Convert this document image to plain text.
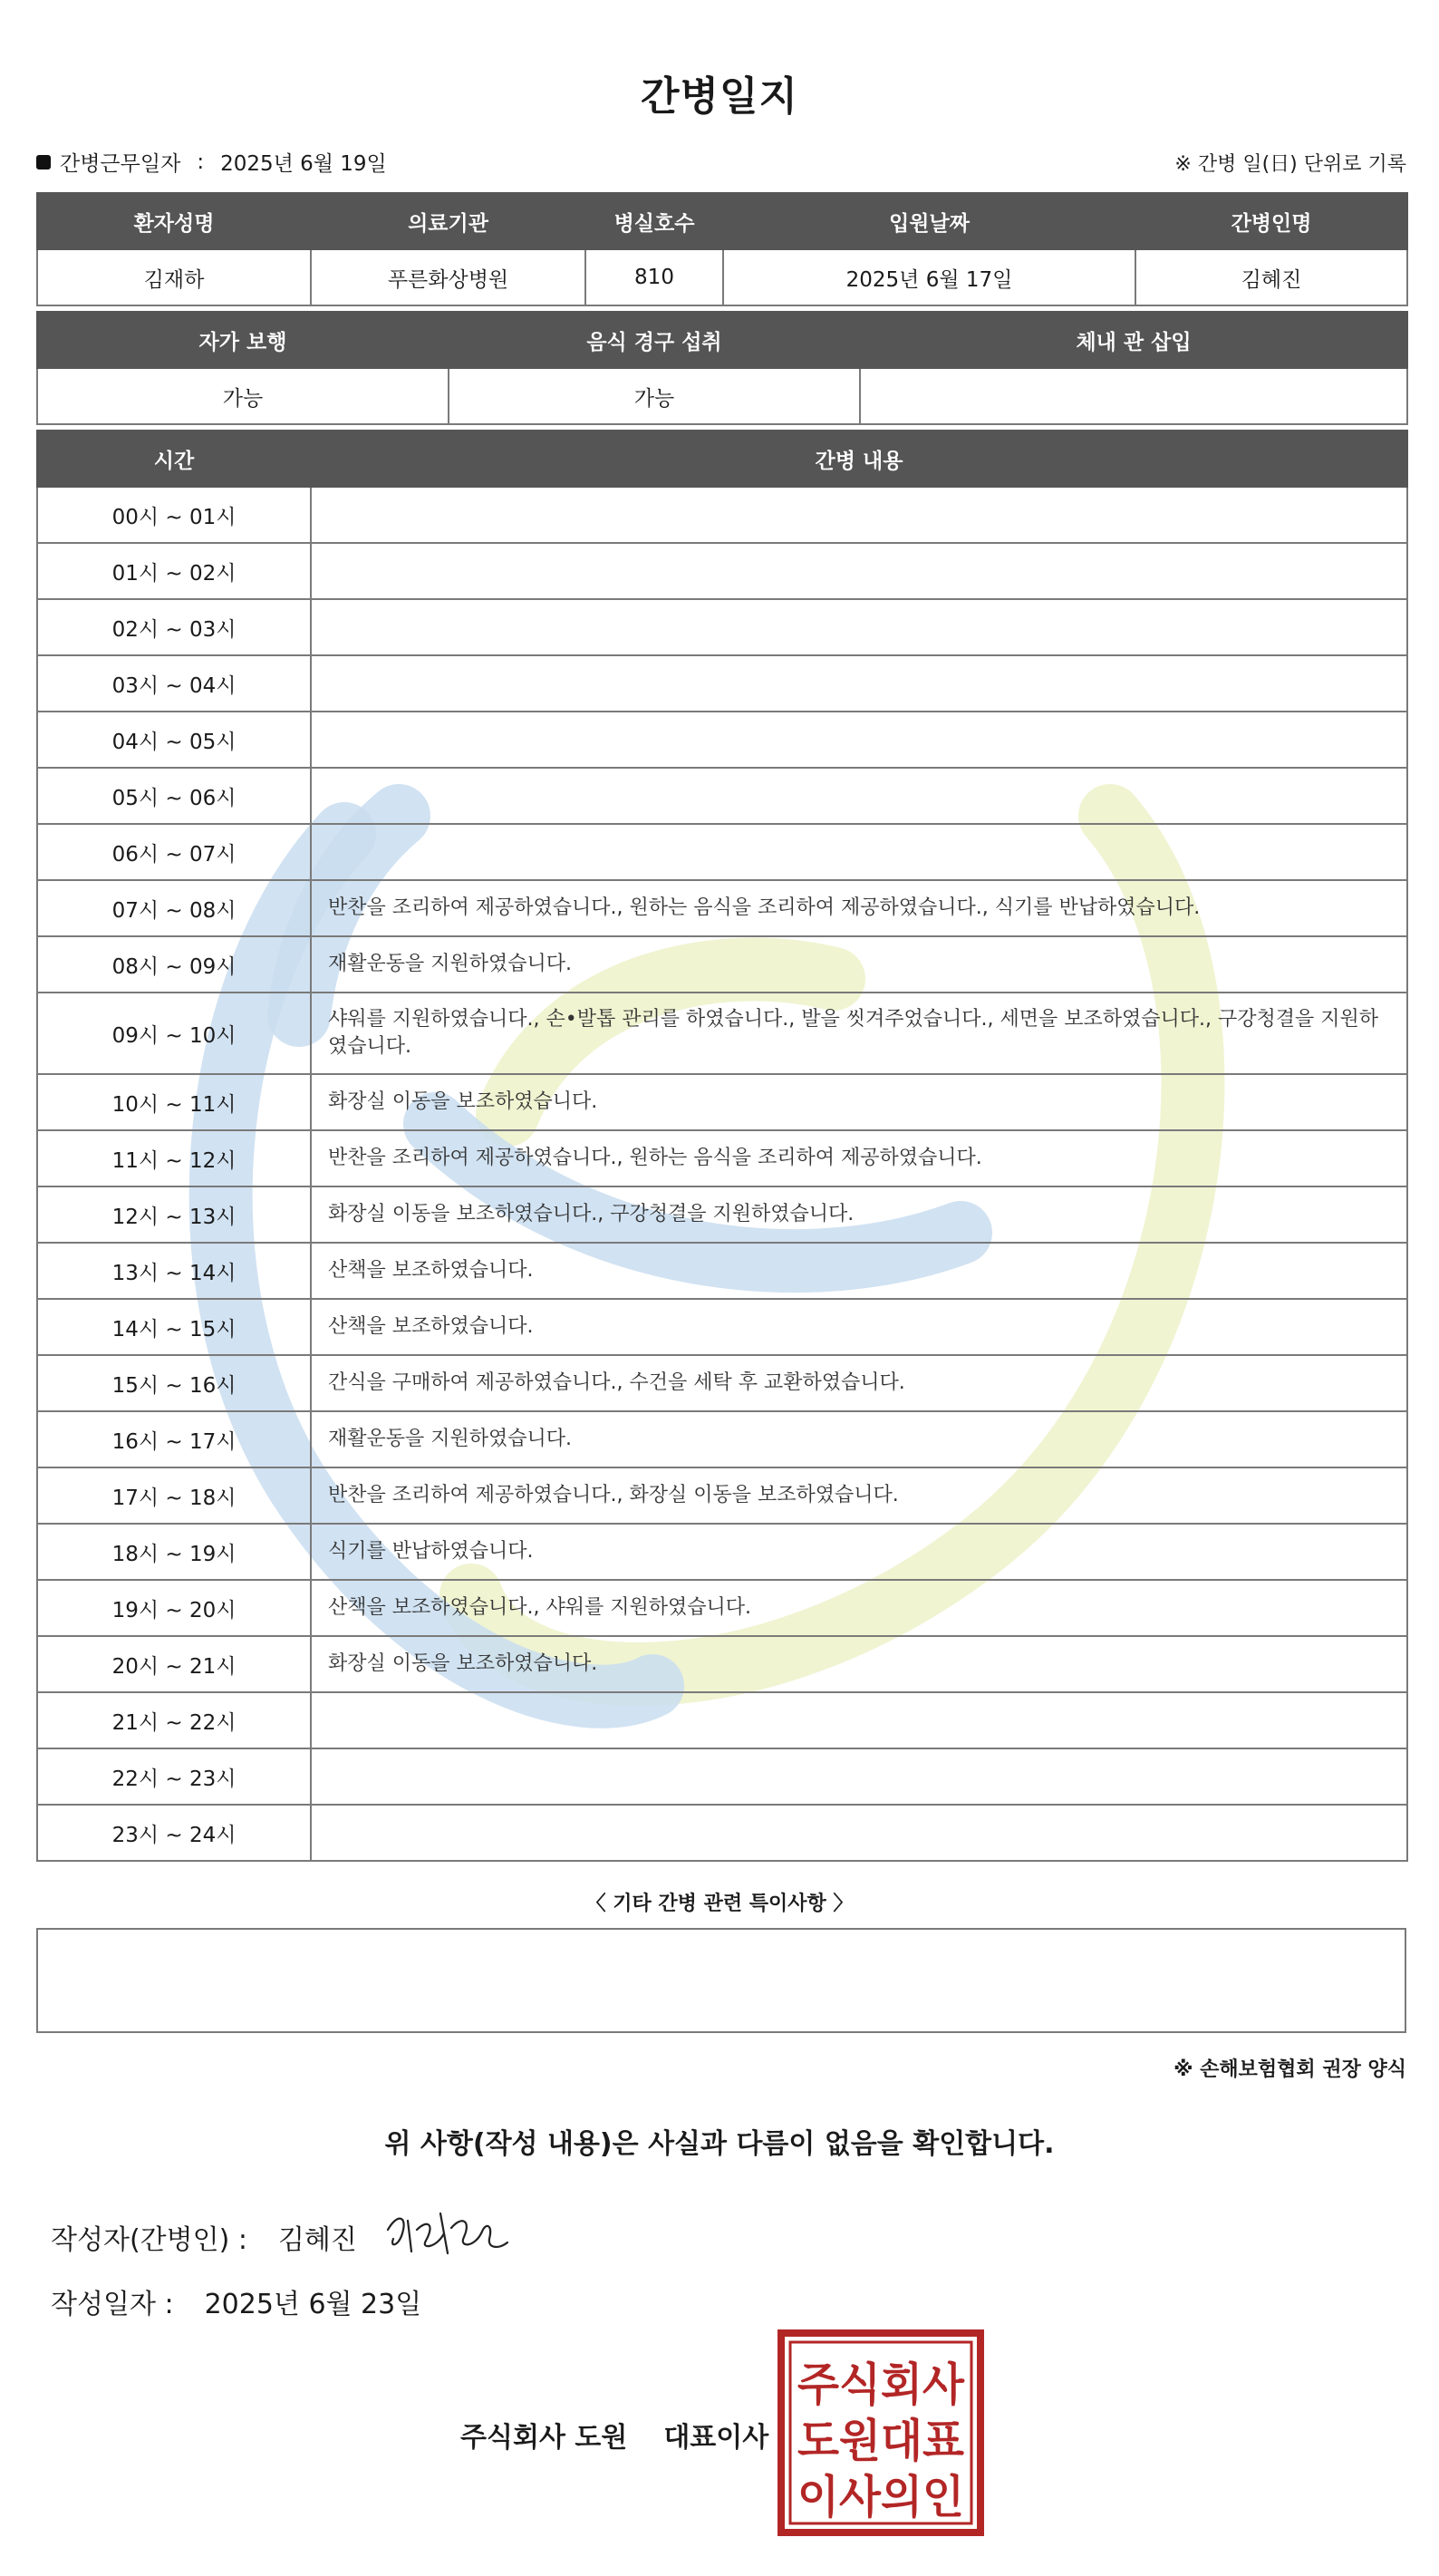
간병일지
간병근무일자 : 2025년 6월 19일	※ 간병 일(日) 단위로 기록
환자성명	의료기관	병실호수	입원날짜	간병인명
김재하	푸른화상병원	810	2025년 6월 17일	김혜진
자가 보행	음식 경구 섭취	체내 관 삽입
가능	가능	
시간	간병 내용
00시 ~ 01시	
01시 ~ 02시	
02시 ~ 03시	
03시 ~ 04시	
04시 ~ 05시	
05시 ~ 06시	
06시 ~ 07시	
07시 ~ 08시	반찬을 조리하여 제공하였습니다., 원하는 음식을 조리하여 제공하였습니다., 식기를 반납하였습니다.
08시 ~ 09시	재활운동을 지원하였습니다.
09시 ~ 10시	샤워를 지원하였습니다., 손•발톱 관리를 하였습니다., 발을 씻겨주었습니다., 세면을 보조하였습니다., 구강청결을 지원하였습니다.
10시 ~ 11시	화장실 이동을 보조하였습니다.
11시 ~ 12시	반찬을 조리하여 제공하였습니다., 원하는 음식을 조리하여 제공하였습니다.
12시 ~ 13시	화장실 이동을 보조하였습니다., 구강청결을 지원하였습니다.
13시 ~ 14시	산책을 보조하였습니다.
14시 ~ 15시	산책을 보조하였습니다.
15시 ~ 16시	간식을 구매하여 제공하였습니다., 수건을 세탁 후 교환하였습니다.
16시 ~ 17시	재활운동을 지원하였습니다.
17시 ~ 18시	반찬을 조리하여 제공하였습니다., 화장실 이동을 보조하였습니다.
18시 ~ 19시	식기를 반납하였습니다.
19시 ~ 20시	산책을 보조하였습니다., 샤워를 지원하였습니다.
20시 ~ 21시	화장실 이동을 보조하였습니다.
21시 ~ 22시	
22시 ~ 23시	
23시 ~ 24시	
〈 기타 간병 관련 특이사항 〉
※ 손해보험협회 권장 양식
위 사항(작성 내용)은 사실과 다름이 없음을 확인합니다.
작성자(간병인) : 김혜진
작성일자 : 2025년 6월 23일
주식회사 도원 대표이사
주식회사
도원대표
이사의인
